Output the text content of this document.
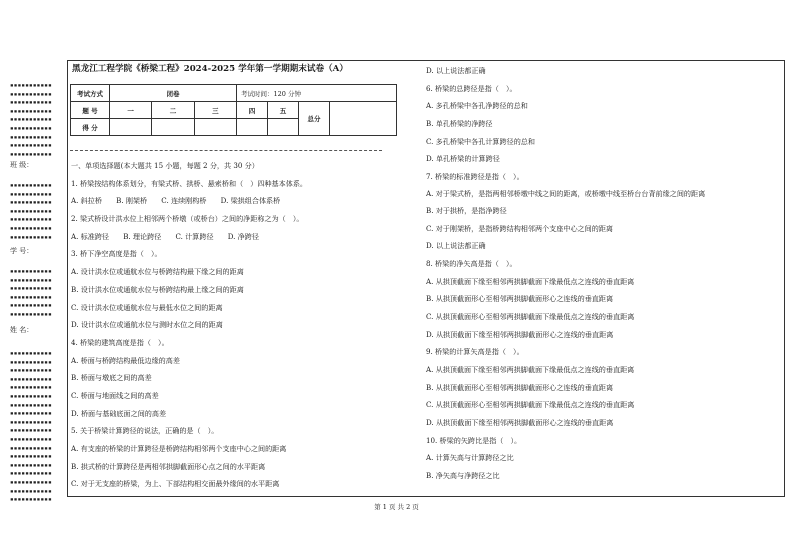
▪▪▪▪▪▪▪▪▪▪▪
▪▪▪▪▪▪▪▪▪▪▪
▪▪▪▪▪▪▪▪▪▪▪
▪▪▪▪▪▪▪▪▪▪▪
▪▪▪▪▪▪▪▪▪▪▪
▪▪▪▪▪▪▪▪▪▪▪
▪▪▪▪▪▪▪▪▪▪▪
▪▪▪▪▪▪▪▪▪▪▪
▪▪▪▪▪▪▪▪▪▪▪
班 级：
▪▪▪▪▪▪▪▪▪▪▪
▪▪▪▪▪▪▪▪▪▪▪
▪▪▪▪▪▪▪▪▪▪▪
▪▪▪▪▪▪▪▪▪▪▪
▪▪▪▪▪▪▪▪▪▪▪
▪▪▪▪▪▪▪▪▪▪▪
▪▪▪▪▪▪▪▪▪▪▪
学 号：
▪▪▪▪▪▪▪▪▪▪▪
▪▪▪▪▪▪▪▪▪▪▪
▪▪▪▪▪▪▪▪▪▪▪
▪▪▪▪▪▪▪▪▪▪▪
▪▪▪▪▪▪▪▪▪▪▪
▪▪▪▪▪▪▪▪▪▪▪
姓 名：
▪▪▪▪▪▪▪▪▪▪▪
▪▪▪▪▪▪▪▪▪▪▪
▪▪▪▪▪▪▪▪▪▪▪
▪▪▪▪▪▪▪▪▪▪▪
▪▪▪▪▪▪▪▪▪▪▪
▪▪▪▪▪▪▪▪▪▪▪
▪▪▪▪▪▪▪▪▪▪▪
▪▪▪▪▪▪▪▪▪▪▪
▪▪▪▪▪▪▪▪▪▪▪
▪▪▪▪▪▪▪▪▪▪▪
▪▪▪▪▪▪▪▪▪▪▪
▪▪▪▪▪▪▪▪▪▪▪
▪▪▪▪▪▪▪▪▪▪▪
▪▪▪▪▪▪▪▪▪▪▪
▪▪▪▪▪▪▪▪▪▪▪
▪▪▪▪▪▪▪▪▪▪▪
▪▪▪▪▪▪▪▪▪▪▪
▪▪▪▪▪▪▪▪▪▪▪
黑龙江工程学院《桥梁工程》2024-2025 学年第一学期期末试卷（A）
考试方式	闭卷			考试时间：120 分钟			
题 号	一	二	三	四	五	总分	
得 分							
一、单项选择题(本大题共 15 小题，每题 2 分，共 30 分）
1. 桥梁按结构体系划分，有梁式桥、拱桥、悬索桥和（　）四种基本体系。
A. 斜拉桥　　B. 刚架桥　　C. 连续刚构桥　　D. 梁拱组合体系桥
2. 梁式桥设计洪水位上相邻两个桥墩（或桥台）之间的净距称之为（　）。
A. 标准跨径　　B. 理论跨径　　C. 计算跨径　　D. 净跨径
3. 桥下净空高度是指（　）。
A. 设计洪水位或通航水位与桥跨结构最下缘之间的距离
B. 设计洪水位或通航水位与桥跨结构最上缘之间的距离
C. 设计洪水位或通航水位与最低水位之间的距离
D. 设计洪水位或通航水位与测时水位之间的距离
4. 桥梁的建筑高度是指（　）。
A. 桥面与桥跨结构最低边缘的高差
B. 桥面与墩底之间的高差
C. 桥面与地面线之间的高差
D. 桥面与基础底面之间的高差
5. 关于桥梁计算跨径的说法，正确的是（　）。
A. 有支座的桥梁的计算跨径是桥跨结构相邻两个支座中心之间的距离
B. 拱式桥的计算跨径是两相邻拱脚截面形心点之间的水平距离
C. 对于无支座的桥梁，为上、下部结构相交面最外缘间的水平距离
D. 以上说法都正确
6. 桥梁的总跨径是指（　）。
A. 多孔桥梁中各孔净跨径的总和
B. 单孔桥梁的净跨径
C. 多孔桥梁中各孔计算跨径的总和
D. 单孔桥梁的计算跨径
7. 桥梁的标准跨径是指（　）。
A. 对于梁式桥，是指两相邻桥墩中线之间的距离，或桥墩中线至桥台台背前缘之间的距离
B. 对于拱桥，是指净跨径
C. 对于刚架桥，是指桥跨结构相邻两个支座中心之间的距离
D. 以上说法都正确
8. 桥梁的净矢高是指（　）。
A. 从拱顶截面下缘至相邻两拱脚截面下缘最低点之连线的垂直距离
B. 从拱顶截面形心至相邻两拱脚截面形心之连线的垂直距离
C. 从拱顶截面形心至相邻两拱脚截面下缘最低点之连线的垂直距离
D. 从拱顶截面下缘至相邻两拱脚截面形心之连线的垂直距离
9. 桥梁的计算矢高是指（　）。
A. 从拱顶截面下缘至相邻两拱脚截面下缘最低点之连线的垂直距离
B. 从拱顶截面形心至相邻两拱脚截面形心之连线的垂直距离
C. 从拱顶截面形心至相邻两拱脚截面下缘最低点之连线的垂直距离
D. 从拱顶截面下缘至相邻两拱脚截面形心之连线的垂直距离
10. 桥梁的矢跨比是指（　）。
A. 计算矢高与计算跨径之比
B. 净矢高与净跨径之比
第 1 页 共 2 页
